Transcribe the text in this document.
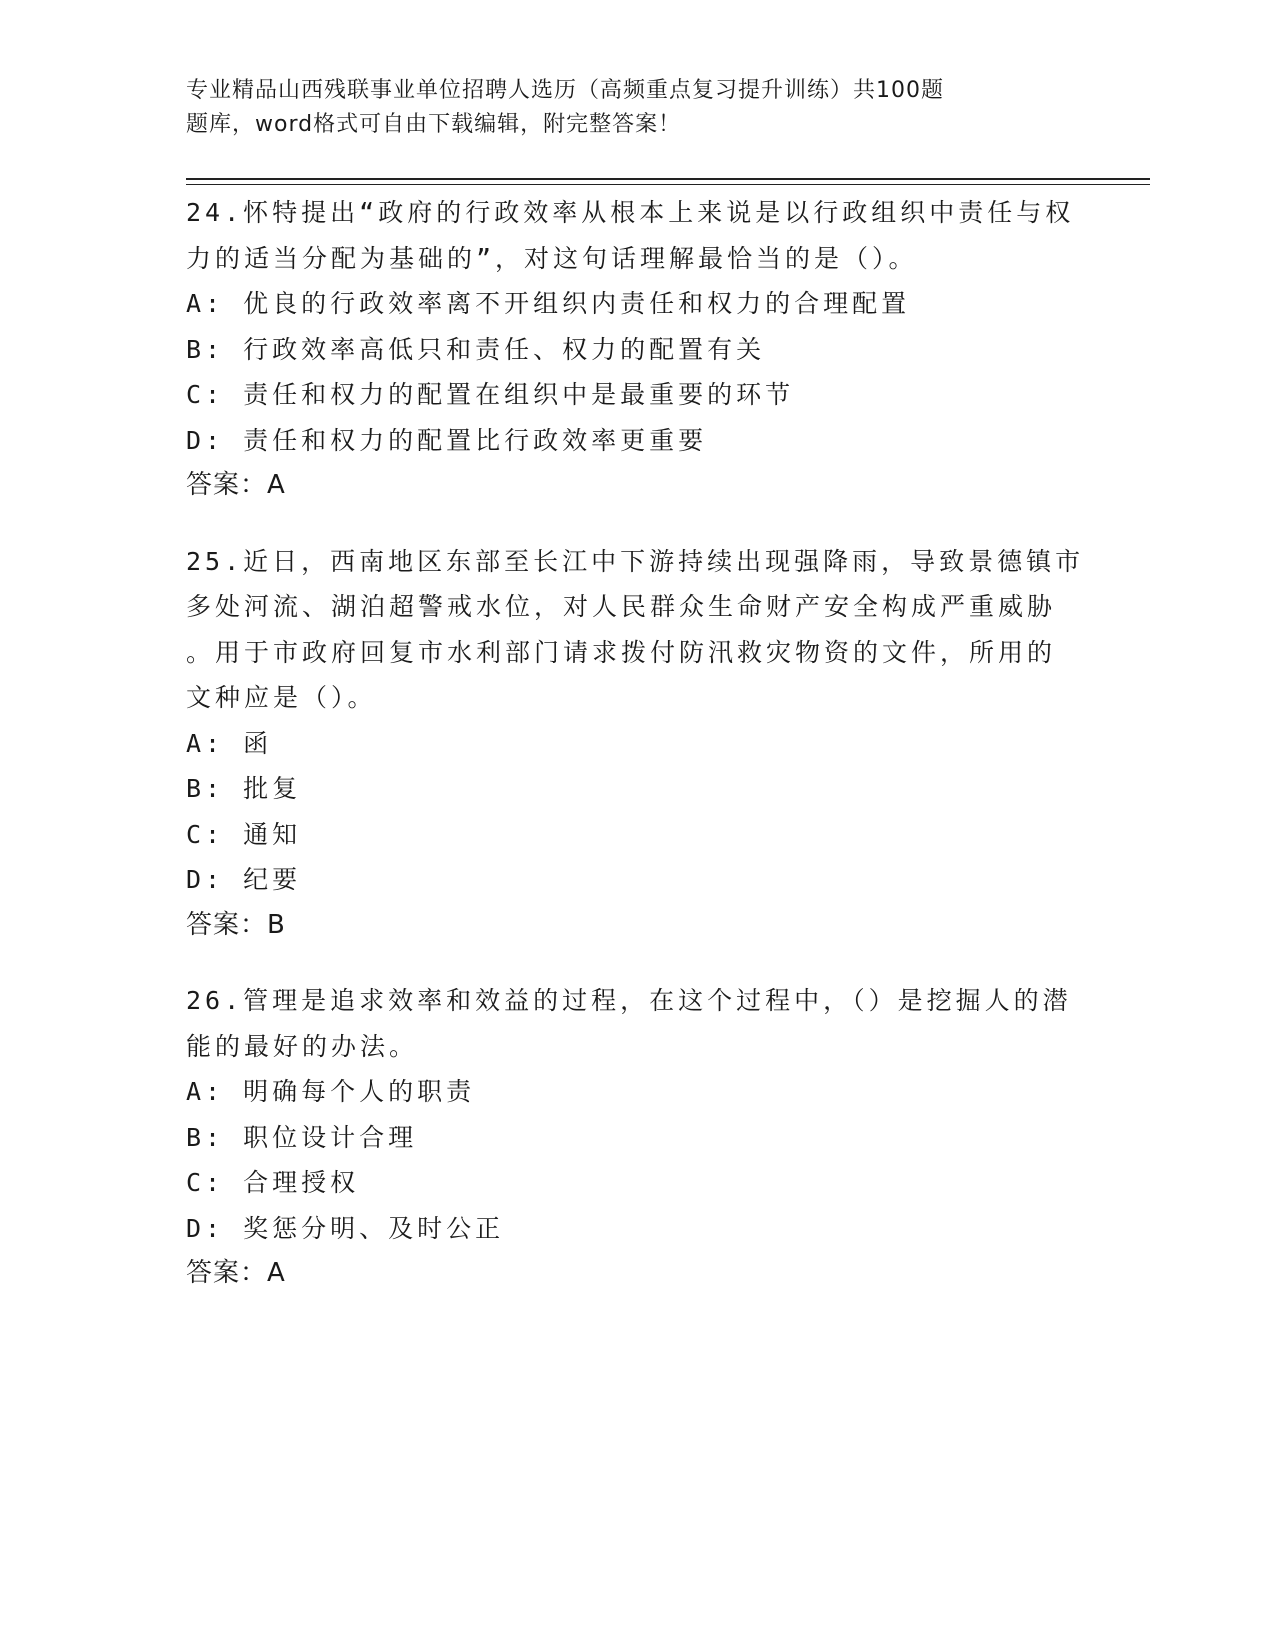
专业精品山西残联事业单位招聘人选历（高频重点复习提升训练）共100题
题库，word格式可自由下载编辑，附完整答案！
24.怀特提出“政府的行政效率从根本上来说是以行政组织中责任与权
力的适当分配为基础的”，对这句话理解最恰当的是（）。
A: 优良的行政效率离不开组织内责任和权力的合理配置
B: 行政效率高低只和责任、权力的配置有关
C: 责任和权力的配置在组织中是最重要的环节
D: 责任和权力的配置比行政效率更重要
答案：A
25.近日，西南地区东部至长江中下游持续出现强降雨，导致景德镇市
多处河流、湖泊超警戒水位，对人民群众生命财产安全构成严重威胁
。用于市政府回复市水利部门请求拨付防汛救灾物资的文件，所用的
文种应是（）。
A: 函
B: 批复
C: 通知
D: 纪要
答案：B
26.管理是追求效率和效益的过程，在这个过程中，（）是挖掘人的潜
能的最好的办法。
A: 明确每个人的职责
B: 职位设计合理
C: 合理授权
D: 奖惩分明、及时公正
答案：A
